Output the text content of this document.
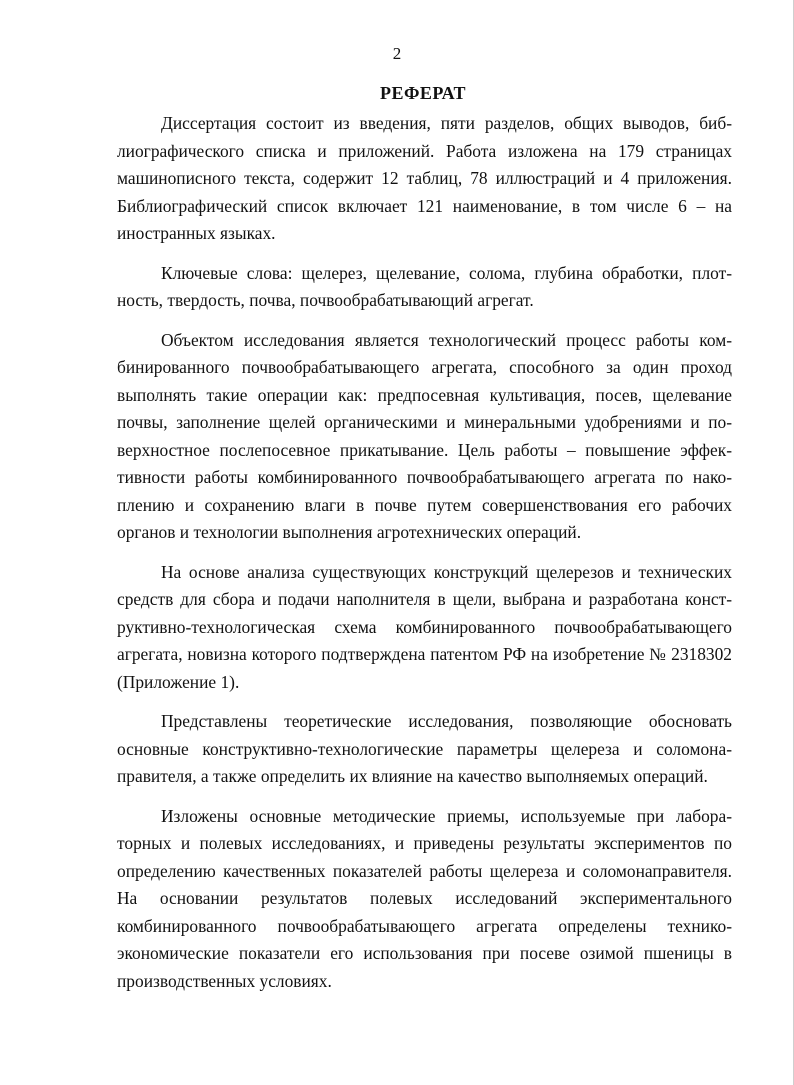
2
РЕФЕРАТ

Диссертация состоит из введения, пяти разделов, общих выводов, библиографического списка и приложений. Работа изложена на 179 страницах машинописного текста, содержит 12 таблиц, 78 иллюстраций и 4 приложения. Библиографический список включает 121 наименование, в том числе 6 – на иностранных языках.

Ключевые слова: щелерез, щелевание, солома, глубина обработки, плотность, твердость, почва, почвообрабатывающий агрегат.

Объектом исследования является технологический процесс работы комбинированного почвообрабатывающего агрегата, способного за один проход выполнять такие операции как: предпосевная культивация, посев, щелевание почвы, заполнение щелей органическими и минеральными удобрениями и поверхностное послепосевное прикатывание. Цель работы – повышение эффективности работы комбинированного почвообрабатывающего агрегата по накоплению и сохранению влаги в почве путем совершенствования его рабочих органов и технологии выполнения агротехнических операций.

На основе анализа существующих конструкций щелерезов и технических средств для сбора и подачи наполнителя в щели, выбрана и разработана конструктивно-технологическая схема комбинированного почвообрабатывающего агрегата, новизна которого подтверждена патентом РФ на изобретение № 2318302 (Приложение 1).

Представлены теоретические исследования, позволяющие обосновать основные конструктивно-технологические параметры щелереза и соломонаправителя, а также определить их влияние на качество выполняемых операций.

Изложены основные методические приемы, используемые при лабораторных и полевых исследованиях, и приведены результаты экспериментов по определению качественных показателей работы щелереза и соломонаправителя. На основании результатов полевых исследований экспериментального комбинированного почвообрабатывающего агрегата определены технико-экономические показатели его использования при посеве озимой пшеницы в производственных условиях.
